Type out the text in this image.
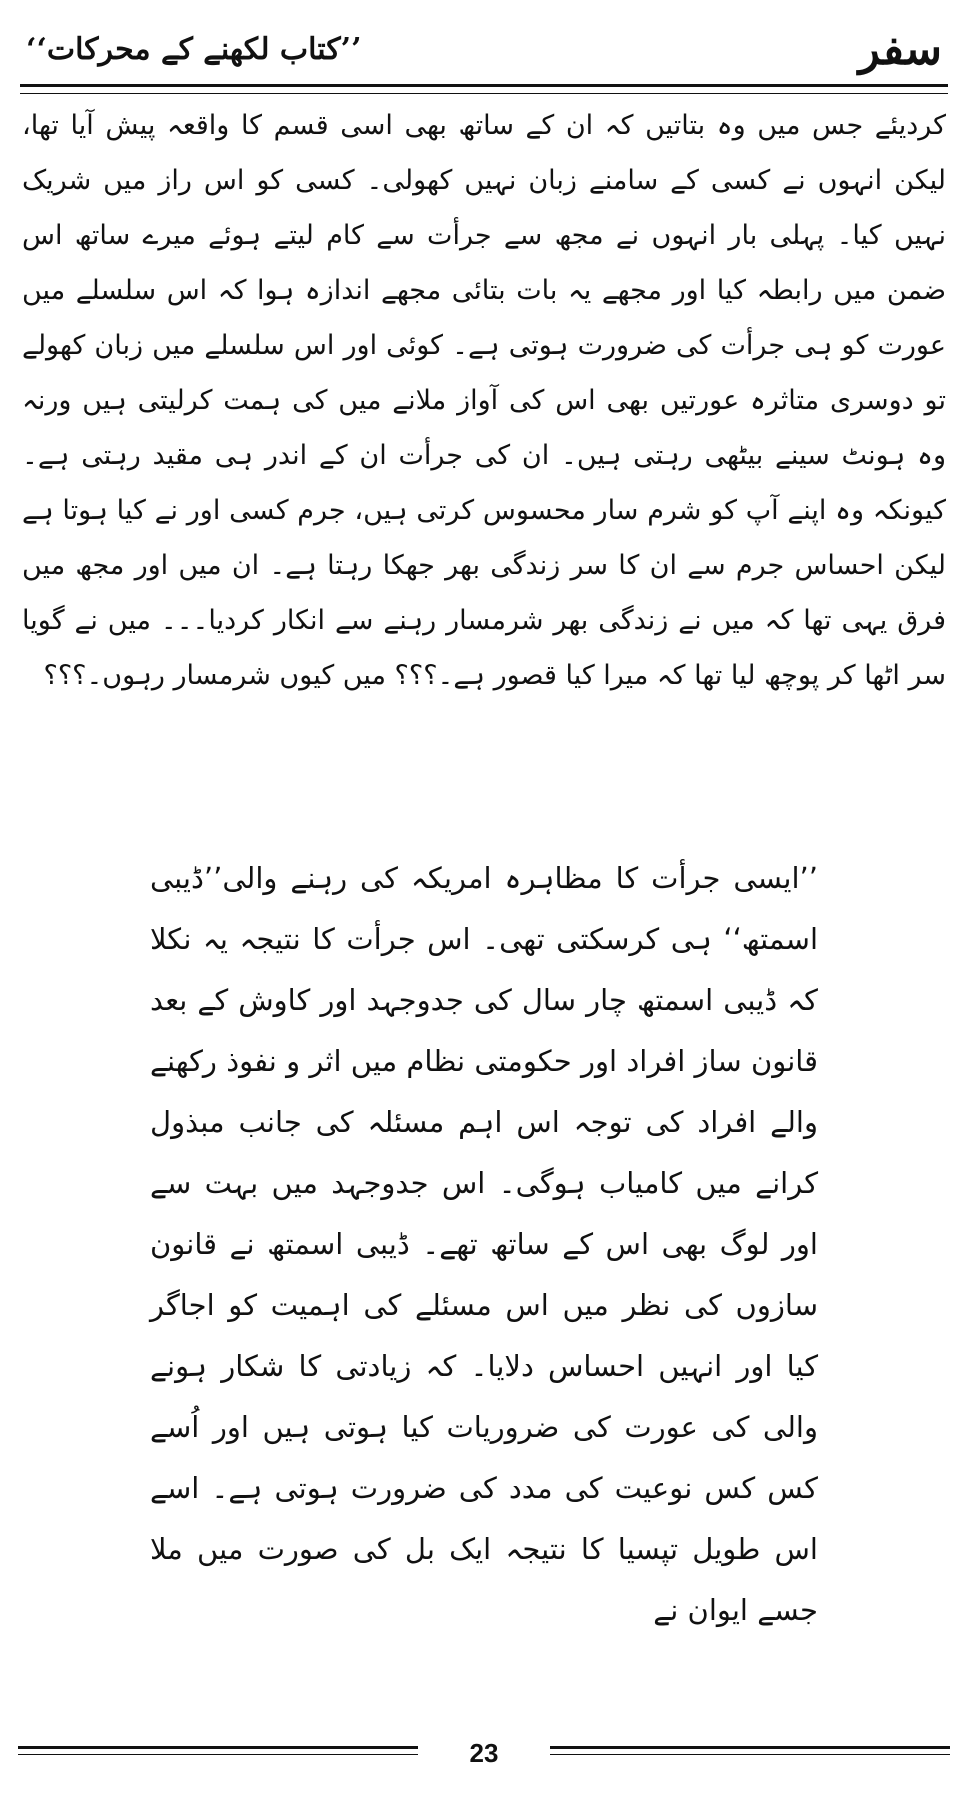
سفر
’’کتاب لکھنے کے محرکات‘‘

کردیئے جس میں وہ بتاتیں کہ ان کے ساتھ بھی اسی قسم کا واقعہ پیش آیا تھا، لیکن انہوں نے کسی کے سامنے زبان نہیں کھولی۔ کسی کو اس راز میں شریک نہیں کیا۔ پہلی بار انہوں نے مجھ سے جرأت سے کام لیتے ہوئے میرے ساتھ اس ضمن میں رابطہ کیا اور مجھے یہ بات بتائی مجھے اندازہ ہوا کہ اس سلسلے میں عورت کو ہی جرأت کی ضرورت ہوتی ہے۔ کوئی اور اس سلسلے میں زبان کھولے تو دوسری متاثرہ عورتیں بھی اس کی آواز ملانے میں کی ہمت کرلیتی ہیں ورنہ وہ ہونٹ سینے بیٹھی رہتی ہیں۔ ان کی جرأت ان کے اندر ہی مقید رہتی ہے۔ کیونکہ وہ اپنے آپ کو شرم سار محسوس کرتی ہیں، جرم کسی اور نے کیا ہوتا ہے لیکن احساس جرم سے ان کا سر زندگی بھر جھکا رہتا ہے۔ ان میں اور مجھ میں فرق یہی تھا کہ میں نے زندگی بھر شرمسار رہنے سے انکار کردیا۔۔۔ میں نے گویا سر اٹھا کر پوچھ لیا تھا کہ میرا کیا قصور ہے۔؟؟؟ میں کیوں شرمسار رہوں۔؟؟؟

’’ایسی جرأت کا مظاہرہ امریکہ کی رہنے والی’’ڈیبی اسمتھ‘‘ ہی کرسکتی تھی۔ اس جرأت کا نتیجہ یہ نکلا کہ ڈیبی اسمتھ چار سال کی جدوجہد اور کاوش کے بعد قانون ساز افراد اور حکومتی نظام میں اثر و نفوذ رکھنے والے افراد کی توجہ اس اہم مسئلہ کی جانب مبذول کرانے میں کامیاب ہوگی۔ اس جدوجہد میں بہت سے اور لوگ بھی اس کے ساتھ تھے۔ ڈیبی اسمتھ نے قانون سازوں کی نظر میں اس مسئلے کی اہمیت کو اجاگر کیا اور انہیں احساس دلایا۔ کہ زیادتی کا شکار ہونے والی کی عورت کی ضروریات کیا ہوتی ہیں اور اُسے کس کس نوعیت کی مدد کی ضرورت ہوتی ہے۔ اسے اس طویل تپسیا کا نتیجہ ایک بل کی صورت میں ملا جسے ایوان نے

23
